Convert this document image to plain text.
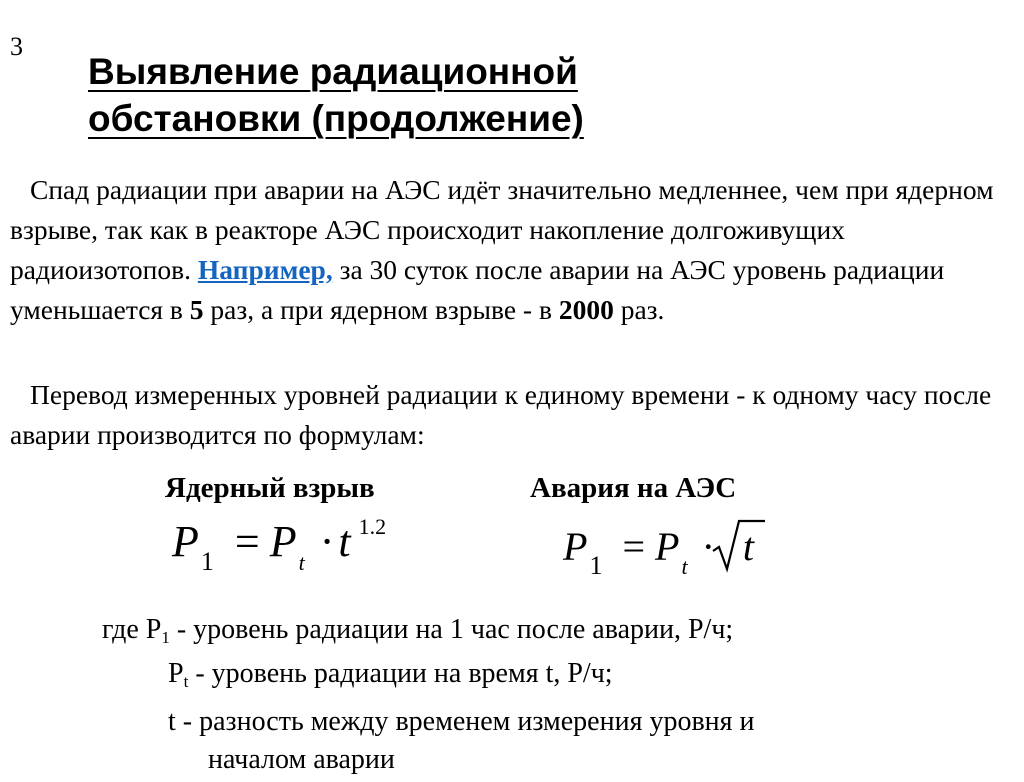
3
Выявление радиационной
обстановки (продолжение)
Спад радиации при аварии на АЭС идёт значительно медленнее, чем при ядерном взрыве, так как в реакторе АЭС происходит накопление долгоживущих радиоизотопов. Например, за 30 суток после аварии на АЭС уровень радиации уменьшается в 5 раз, а при ядерном взрыве - в 2000 раз.
Перевод измеренных уровней радиации к единому времени - к одному часу после аварии производится по формулам:
Ядерный взрыв	Авария на АЭС
$P_1 = P_t \cdot t$ $^{1.2}$	$P_1 = P_t \cdot t$
где P1 - уровень радиации на 1 час после аварии, Р/ч;
Pt - уровень радиации на время t, Р/ч;
t - разность между временем измерения уровня и
началом аварии
